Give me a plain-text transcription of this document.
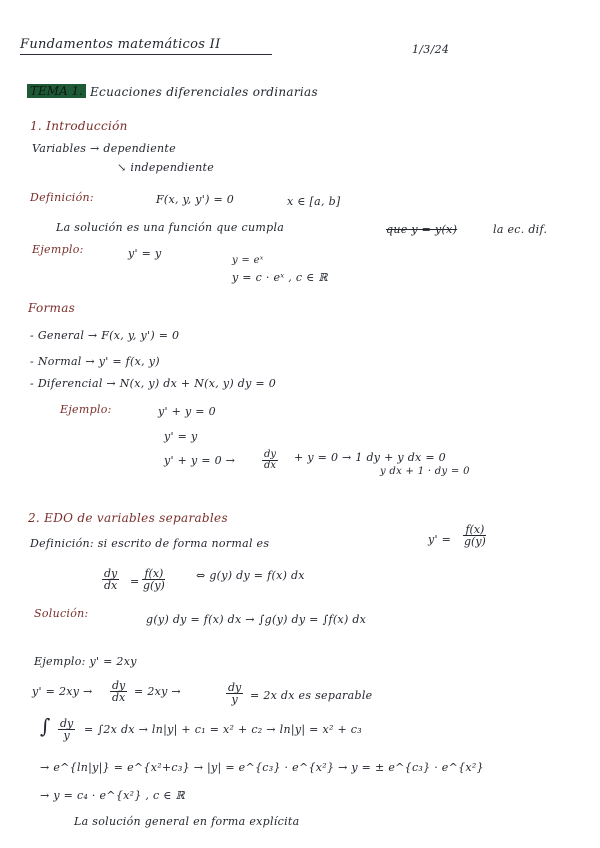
Fundamentos matemáticos II	1/3/24
TEMA 1. Ecuaciones diferenciales ordinarias
1. Introducción
Variables → dependiente
↘ independiente
Definición:	F(x, y, y') = 0	x ∈ [a, b]
La solución es una función que cumpla	que y = y(x)	la ec. dif.
Ejemplo:	y' = y
y = eˣ
y = c · eˣ , c ∈ ℝ
Formas
- General → F(x, y, y') = 0
- Normal → y' = f(x, y)
- Diferencial → N(x, y) dx + N(x, y) dy = 0
Ejemplo:	y' + y = 0
y' = y
y' + y = 0 →	$\frac{dy}{dx} + y = 0 \to 1$ dy + y dx = 0
y dx + 1 · dy = 0
2. EDO de variables separables
Definición: si escrito de forma normal es	$y' = \frac{f(x)}{g(y)}$
$\frac{dy}{dx} = \frac{f(x)}{g(y)}$	⇔ g(y) dy = f(x) dx
Solución:	g(y) dy = f(x) dx → ∫g(y) dy = ∫f(x) dx
Ejemplo: y' = 2xy
$y' = 2xy \to \frac{dy}{dx} = 2xy$ →	$\frac{dy}{y} = 2x$ dx es separable
∫ $\frac{dy}{y} = \int 2x$ dx → ln|y| + c₁ = x² + c₂ → ln|y| = x² + c₃
→ e^{ln|y|} = e^{x²+c₃} → |y| = e^{c₃} · e^{x²} → y = ± e^{c₃} · e^{x²}
→ y = c₄ · e^{x²} , c ∈ ℝ
La solución general en forma explícita
